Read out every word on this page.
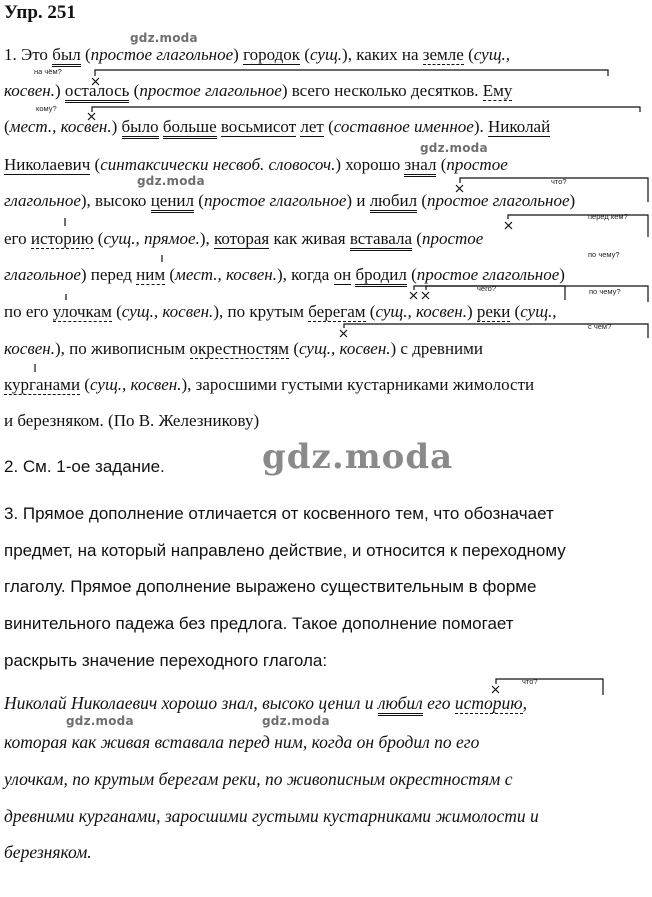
Упр. 251
1. Это был (простое глагольное) городок (сущ.), каких на земле (сущ.,
косвен.) осталось (простое глагольное) всего несколько десятков. Ему
(мест., косвен.) было больше восьмисот лет (составное именное). Николай
Николаевич (синтаксически несвоб. словосоч.) хорошо знал (простое
глагольное), высоко ценил (простое глагольное) и любил (простое глагольное)
его историю (сущ., прямое.), которая как живая вставала (простое
глагольное) перед ним (мест., косвен.), когда он бродил (простое глагольное)
по его улочкам (сущ., косвен.), по крутым берегам (сущ., косвен.) реки (сущ.,
косвен.), по живописным окрестностям (сущ., косвен.) с древними
курганами (сущ., косвен.), заросшими густыми кустарниками жимолости
и березняком. (По В. Железникову)
на чём?
кому?
что?
перед кем?
по чему?
чего?	по чему?
с чем?
что?
gdz.moda
gdz.moda
gdz.moda
gdz.moda
gdz.moda	gdz.moda
2. См. 1-ое задание.
3. Прямое дополнение отличается от косвенного тем, что обозначает
предмет, на который направлено действие, и относится к переходному
глаголу. Прямое дополнение выражено существительным в форме
винительного падежа без предлога. Такое дополнение помогает
раскрыть значение переходного глагола:
Николай Николаевич хорошо знал, высоко ценил и любил его историю,
которая как живая вставала перед ним, когда он бродил по его
улочкам, по крутым берегам реки, по живописным окрестностям с
древними курганами, заросшими густыми кустарниками жимолости и
березняком.
